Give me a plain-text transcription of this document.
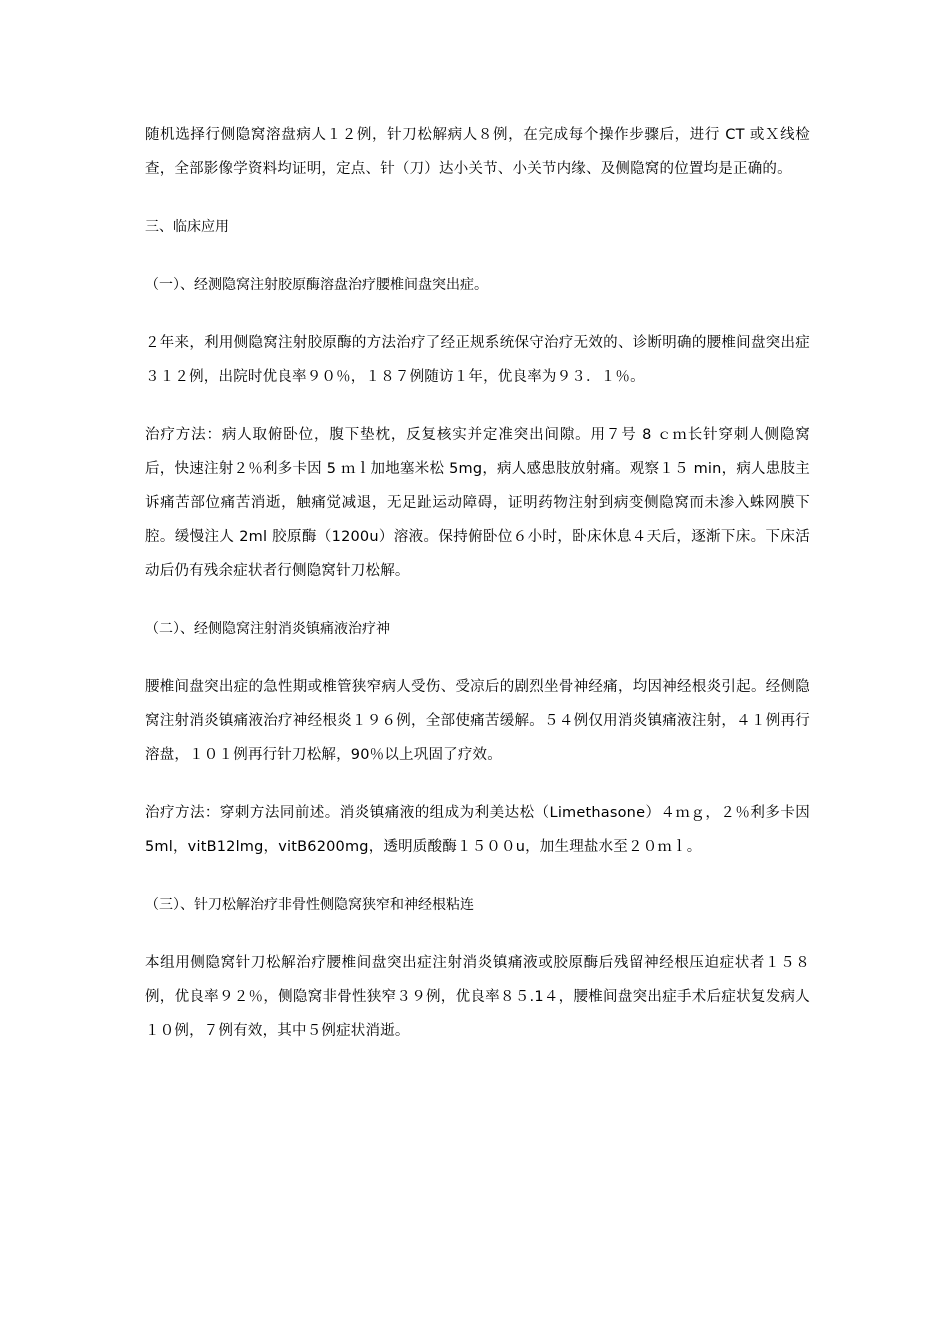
随机选择行侧隐窝溶盘病人１２例，针刀松解病人８例，在完成每个操作步骤后，进行 CT 或Ｘ线检查，全部影像学资料均证明，定点、针（刀）达小关节、小关节内缘、及侧隐窝的位置均是正确的。

三、临床应用

（一）、经测隐窝注射胶原酶溶盘治疗腰椎间盘突出症。

２年来，利用侧隐窝注射胶原酶的方法治疗了经正规系统保守治疗无效的、诊断明确的腰椎间盘突出症３１２例，出院时优良率９０％，１８７例随访１年，优良率为９３．１％。

治疗方法：病人取俯卧位，腹下垫枕，反复核实并定准突出间隙。用７号 8 ｃｍ长针穿刺人侧隐窝后，快速注射２％利多卡因 5 ｍｌ加地塞米松 5mg，病人感患肢放射痛。观察１５ min，病人患肢主诉痛苦部位痛苦消逝，触痛觉减退，无足趾运动障碍，证明药物注射到病变侧隐窝而未渗入蛛网膜下腔。缓慢注人 2ml 胶原酶（1200u）溶液。保持俯卧位６小时，卧床休息４天后，逐渐下床。下床活动后仍有残余症状者行侧隐窝针刀松解。

（二）、经侧隐窝注射消炎镇痛液治疗神

腰椎间盘突出症的急性期或椎管狭窄病人受伤、受凉后的剧烈坐骨神经痛，均因神经根炎引起。经侧隐窝注射消炎镇痛液治疗神经根炎１９６例，全部使痛苦缓解。５４例仅用消炎镇痛液注射，４１例再行溶盘，１０１例再行针刀松解，90％以上巩固了疗效。

治疗方法：穿刺方法同前述。消炎镇痛液的组成为利美达松（Limethasone）４ｍｇ，２％利多卡因 5ml，vitB12lmg，vitB6200mg，透明质酸酶１５００u，加生理盐水至２０ｍｌ。

（三）、针刀松解治疗非骨性侧隐窝狭窄和神经根粘连

本组用侧隐窝针刀松解治疗腰椎间盘突出症注射消炎镇痛液或胶原酶后残留神经根压迫症状者１５８例，优良率９２％，侧隐窝非骨性狭窄３９例，优良率８５.1４，腰椎间盘突出症手术后症状复发病人１０例，７例有效，其中５例症状消逝。
